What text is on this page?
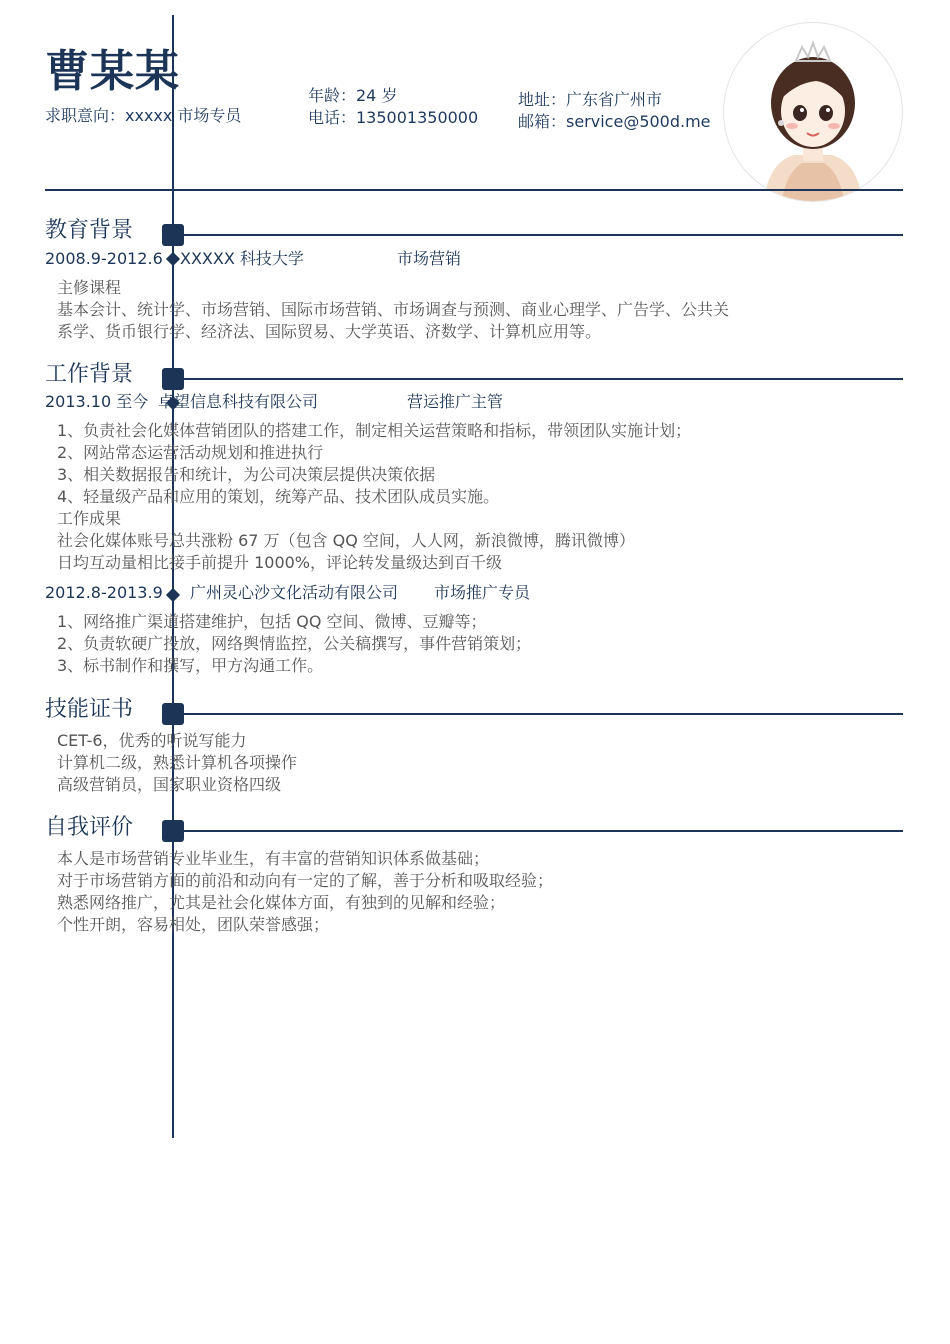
曹某某
求职意向：xxxxx 市场专员
年龄：24 岁
电话：135001350000
地址：广东省广州市
邮箱：service@500d.me
教育背景
2008.9-2012.6 XXXXX 科技大学	市场营销
主修课程
基本会计、统计学、市场营销、国际市场营销、市场调查与预测、商业心理学、广告学、公共关
系学、货币银行学、经济法、国际贸易、大学英语、济数学、计算机应用等。
工作背景
2013.10 至今 卓望信息科技有限公司	营运推广主管
1、负责社会化媒体营销团队的搭建工作，制定相关运营策略和指标，带领团队实施计划；
2、网站常态运营活动规划和推进执行
3、相关数据报告和统计，为公司决策层提供决策依据
4、轻量级产品和应用的策划，统筹产品、技术团队成员实施。
工作成果
社会化媒体账号总共涨粉 67 万（包含 QQ 空间，人人网，新浪微博，腾讯微博）
日均互动量相比接手前提升 1000%，评论转发量级达到百千级
2012.8-2013.9 广州灵心沙文化活动有限公司 市场推广专员
1、网络推广渠道搭建维护，包括 QQ 空间、微博、豆瓣等；
2、负责软硬广投放，网络舆情监控，公关稿撰写，事件营销策划；
3、标书制作和撰写，甲方沟通工作。
技能证书
CET-6，优秀的听说写能力
计算机二级，熟悉计算机各项操作
高级营销员，国家职业资格四级
自我评价
本人是市场营销专业毕业生，有丰富的营销知识体系做基础；
对于市场营销方面的前沿和动向有一定的了解，善于分析和吸取经验；
熟悉网络推广，尤其是社会化媒体方面，有独到的见解和经验；
个性开朗，容易相处，团队荣誉感强；
